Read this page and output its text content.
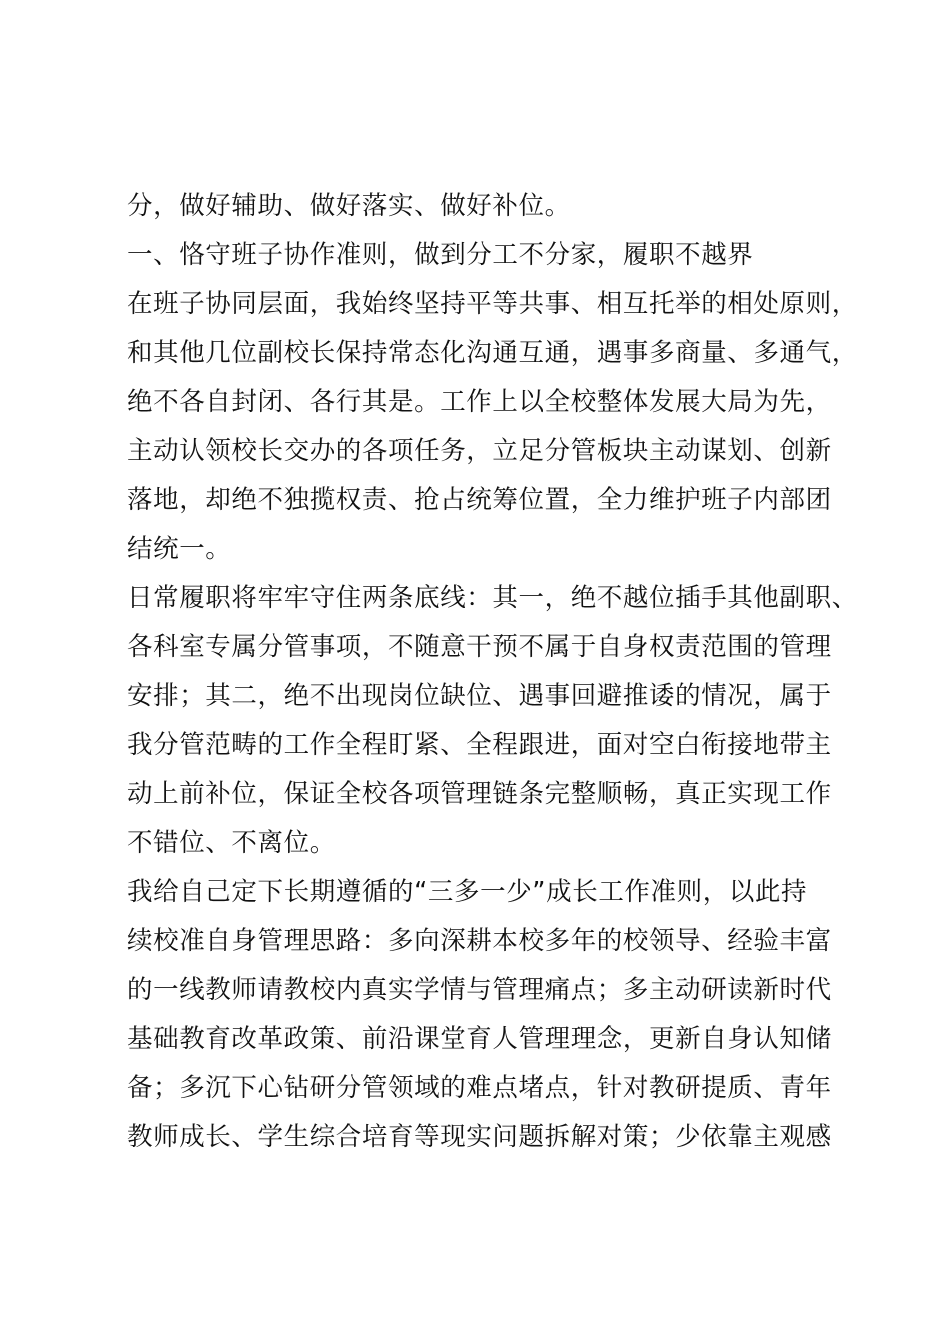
分，做好辅助、做好落实、做好补位。
一、恪守班子协作准则，做到分工不分家，履职不越界
在班子协同层面，我始终坚持平等共事、相互托举的相处原则，
和其他几位副校长保持常态化沟通互通，遇事多商量、多通气，
绝不各自封闭、各行其是。工作上以全校整体发展大局为先，
主动认领校长交办的各项任务，立足分管板块主动谋划、创新
落地，却绝不独揽权责、抢占统筹位置，全力维护班子内部团
结统一。
日常履职将牢牢守住两条底线：其一，绝不越位插手其他副职、
各科室专属分管事项，不随意干预不属于自身权责范围的管理
安排；其二，绝不出现岗位缺位、遇事回避推诿的情况，属于
我分管范畴的工作全程盯紧、全程跟进，面对空白衔接地带主
动上前补位，保证全校各项管理链条完整顺畅，真正实现工作
不错位、不离位。
我给自己定下长期遵循的“三多一少”成长工作准则，以此持
续校准自身管理思路：多向深耕本校多年的校领导、经验丰富
的一线教师请教校内真实学情与管理痛点；多主动研读新时代
基础教育改革政策、前沿课堂育人管理理念，更新自身认知储
备；多沉下心钻研分管领域的难点堵点，针对教研提质、青年
教师成长、学生综合培育等现实问题拆解对策；少依靠主观感
